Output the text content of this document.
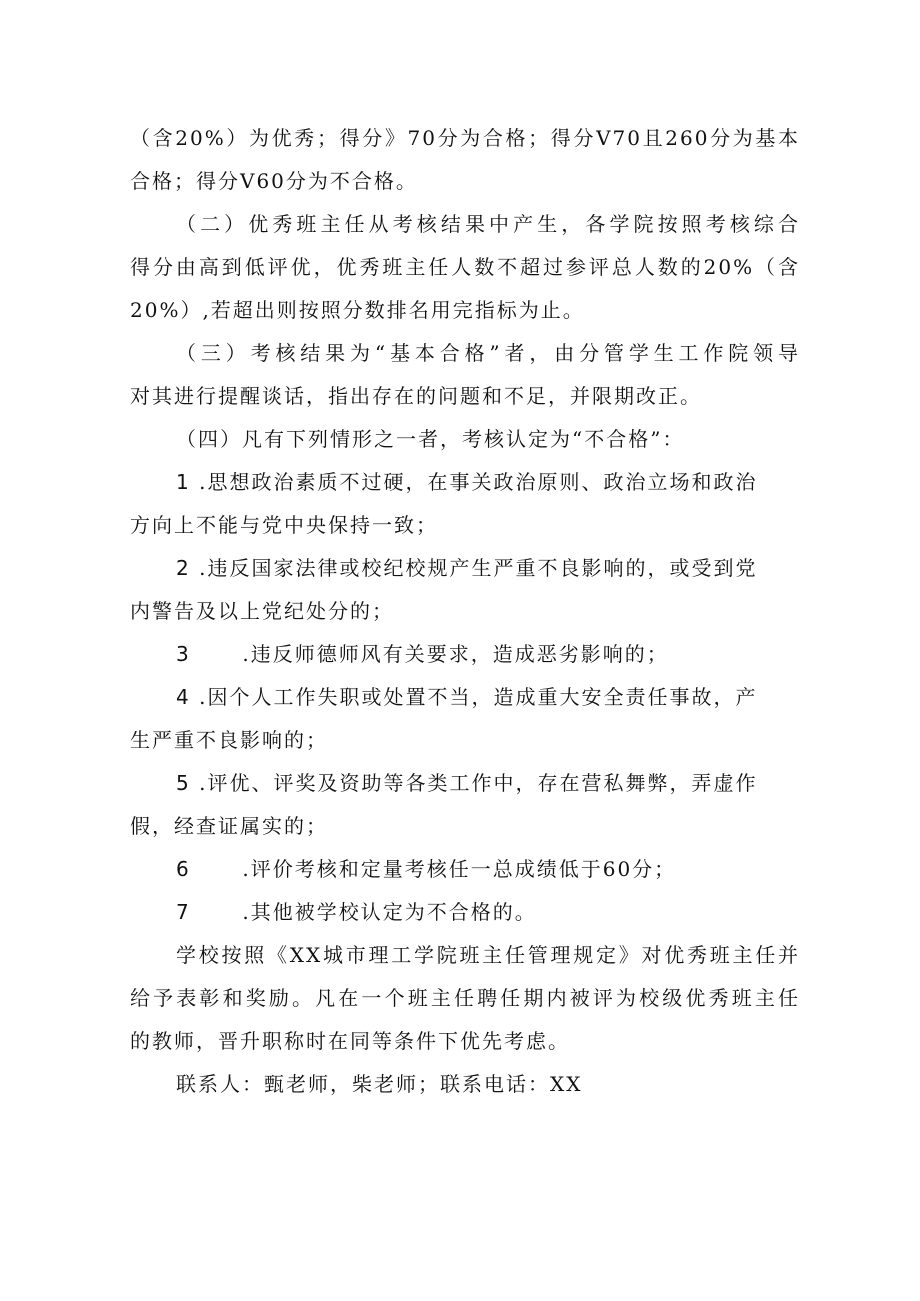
（含20%）为优秀；得分》70分为合格；得分V70且260分为基本
合格；得分V60分为不合格。
（二）优秀班主任从考核结果中产生，各学院按照考核综合
得分由高到低评优，优秀班主任人数不超过参评总人数的20%（含
20%）,若超出则按照分数排名用完指标为止。
（三）考核结果为“基本合格”者，由分管学生工作院领导
对其进行提醒谈话，指出存在的问题和不足，并限期改正。
（四）凡有下列情形之一者，考核认定为“不合格”：
1 .思想政治素质不过硬，在事关政治原则、政治立场和政治
方向上不能与党中央保持一致；
2 .违反国家法律或校纪校规产生严重不良影响的，或受到党
内警告及以上党纪处分的；
3	.违反师德师风有关要求，造成恶劣影响的；
4 .因个人工作失职或处置不当，造成重大安全责任事故，产
生严重不良影响的；
5 .评优、评奖及资助等各类工作中，存在营私舞弊，弄虚作
假，经查证属实的；
6	.评价考核和定量考核任一总成绩低于60分；
7	.其他被学校认定为不合格的。
学校按照《XX城市理工学院班主任管理规定》对优秀班主任并
给予表彰和奖励。凡在一个班主任聘任期内被评为校级优秀班主任
的教师，晋升职称时在同等条件下优先考虑。
联系人：甄老师，柴老师；联系电话：XX
